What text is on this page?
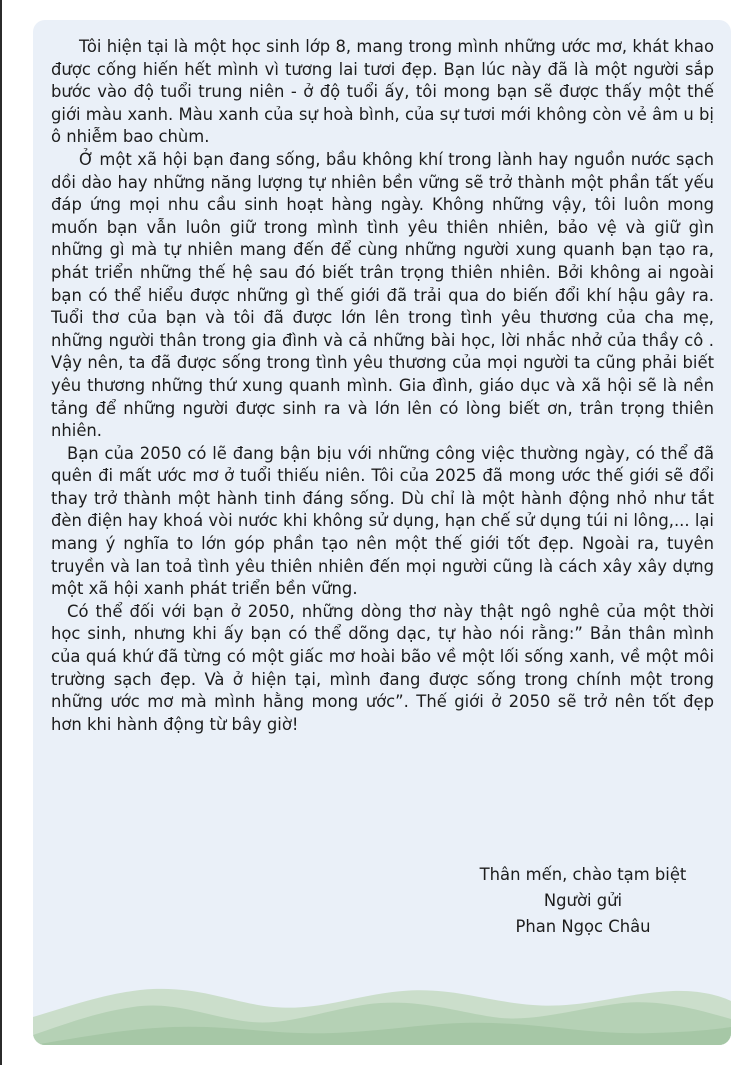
Tôi hiện tại là một học sinh lớp 8, mang trong mình những ước mơ, khát khao được cống hiến hết mình vì tương lai tươi đẹp. Bạn lúc này đã là một người sắp bước vào độ tuổi trung niên - ở độ tuổi ấy, tôi mong bạn sẽ được thấy một thế giới màu xanh. Màu xanh của sự hoà bình, của sự tươi mới không còn vẻ âm u bị ô nhiễm bao chùm.

Ở một xã hội bạn đang sống, bầu không khí trong lành hay nguồn nước sạch dồi dào hay những năng lượng tự nhiên bền vững sẽ trở thành một phần tất yếu đáp ứng mọi nhu cầu sinh hoạt hàng ngày. Không những vậy, tôi luôn mong muốn bạn vẫn luôn giữ trong mình tình yêu thiên nhiên, bảo vệ và giữ gìn những gì mà tự nhiên mang đến để cùng những người xung quanh bạn tạo ra, phát triển những thế hệ sau đó biết trân trọng thiên nhiên. Bởi không ai ngoài bạn có thể hiểu được những gì thế giới đã trải qua do biến đổi khí hậu gây ra. Tuổi thơ của bạn và tôi đã được lớn lên trong tình yêu thương của cha mẹ, những người thân trong gia đình và cả những bài học, lời nhắc nhở của thầy cô . Vậy nên, ta đã được sống trong tình yêu thương của mọi người ta cũng phải biết yêu thương những thứ xung quanh mình. Gia đình, giáo dục và xã hội sẽ là nền tảng để những người được sinh ra và lớn lên có lòng biết ơn, trân trọng thiên nhiên.

Bạn của 2050 có lẽ đang bận bịu với những công việc thường ngày, có thể đã quên đi mất ước mơ ở tuổi thiếu niên. Tôi của 2025 đã mong ước thế giới sẽ đổi thay trở thành một hành tinh đáng sống. Dù chỉ là một hành động nhỏ như tắt đèn điện hay khoá vòi nước khi không sử dụng, hạn chế sử dụng túi ni lông,... lại mang ý nghĩa to lớn góp phần tạo nên một thế giới tốt đẹp. Ngoài ra, tuyên truyền và lan toả tình yêu thiên nhiên đến mọi người cũng là cách xây xây dựng một xã hội xanh phát triển bền vững.

Có thể đối với bạn ở 2050, những dòng thơ này thật ngô nghê của một thời học sinh, nhưng khi ấy bạn có thể dõng dạc, tự hào nói rằng:” Bản thân mình của quá khứ đã từng có một giấc mơ hoài bão về một lối sống xanh, về một môi trường sạch đẹp. Và ở hiện tại, mình đang được sống trong chính một trong những ước mơ mà mình hằng mong ước”. Thế giới ở 2050 sẽ trở nên tốt đẹp hơn khi hành động từ bây giờ!

Thân mến, chào tạm biệt
Người gửi
Phan Ngọc Châu
